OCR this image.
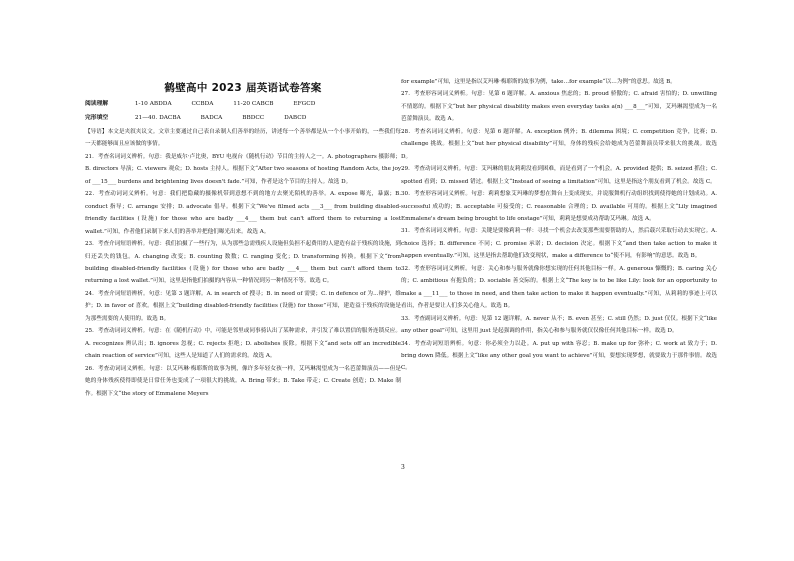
鹤壁高中 2023 届英语试卷答案
阅读理解	1-10 ABDDA	CCBDA	11-20 CABCB	EFGCD
完形填空	21—40. DACBA	BADCA	BBDCC	DABCD

【导语】本文是夹叙夹议文。文章主要通过自己表自录制人们善举的经历，讲述每一个善举都是从一个小事开始的，一些我们每一天都能够面且应该做的事情。

21．考查名词词义辨析。句意：我是威尔·卢比奥，BYU 电视台《随机行动》节目的主持人之一。A. photographers 摄影师；B. directors 导演；C. viewers 观众；D. hosts 主持人。根据下文“After two seasons of hosting Random Acts, the joy of ___15___ burdens and brightening lives doesn't fade.”可知，作者是这个节目的主持人。故选 D。

22．考查动词词义辨析。句意：我们把隐藏的摄像机带到意想不到的地方去聚光陌机的善举。A. expose 曝光，暴露；B. conduct 指导；C. arrange 安排；D. advocate 倡导。根据下文“We've filmed acts ___3___ from building disabled-friendly facilities (设施) for those who are badly ___4___ them but can't afford them to returning a lost wallet.”可知，作者他们录制下来人们的善举并把他们曝光出来。故选 A。

23．考查介词短语辨析。句意：我们拍摄了一些行为，从为那些急需残疾人设施但负担不起费用的人建造有益于残疾的设施，到归还丢失的钱包。A. changing 改变；B. counting 数数；C. ranging 变化；D. transforming 转换。根据下文“from building disabled-friendly facilities (设施) for those who are badly ___4___ them but can't afford them to returning a lost wallet.”可知，这里是指他们拍摄的内容从一种情况到另一种情况不等。故选 C。

24．考查介词短语辨析。句意：见第 3 题详解。A. in search of 搜寻；B. in need of 需要；C. in defence of 为...辩护，维护；D. in favor of 喜欢。根据上文“building disabled-friendly facilities (设施) for those”可知，建造益于残疾的设施是为那些需要的人使用的。故选 B。

25．考查动词词义辨析。句意：在《随机行动》中，可能是邻里或同事骑认出了某种需求，并引发了难以置信的服务连锁反应。A. recognizes 辨认出；B. ignores 忽视；C. rejects 拒绝；D. abolishes 废除。根据下文“and sets off an incredible chain reaction of service”可知，这些人是知道了人们的需求的。故选 A。

26．考查动词词义辨析。句意：以艾玛琳·梅耶斯的故事为例，像许多年轻女孩一样，艾玛琳渴望成为一名芭蕾舞演员——但是她的身体残疾使得即使是日常任务也变成了一项很大的挑战。A. Bring 带来；B. Take 带走；C. Create 创造；D. Make 制作。根据下文“the story of Emmalene Meyers

for example”可知，这里是指以艾玛琳·梅耶斯的故事为例，take…for example“以…为例”的意思。故选 B。

27．考查形容词词义辨析。句意：见第 6 题详解。A. anxious 焦虑的；B. proud 骄傲的；C. afraid 害怕的；D. unwilling 不情愿的。根据下文“but her physical disability makes even everyday tasks a(n) ___8___”可知，艾玛琳渴望成为一名芭蕾舞演员。故选 A。

28．考查名词词义辨析。句意：见第 6 题详解。A. exception 例外；B. dilemma 困境；C. competition 竞争，比赛；D. challenge 挑战。根据上文“but her physical disability”可知，身体的残疾会给她成为芭蕾舞演员带来很大的挑战。故选 D。

29．考查动词词义辨析。句意：艾玛琳的朋友莉莉没看到困难，而是看到了一个机会。A. provided 提供；B. seized 抓住；C. spotted 看到；D. missed 错过。根据上文“Instead of seeing a limitation”可知，这里是指这个朋友看到了机会。故选 C。

30．考查形容词词义辨析。句意：莉莉想象艾玛琳的梦想在舞台上变成现实，并说服舞机行动组织找到使得她的计划成功。A. successful 成功的；B. acceptable 可接受的；C. reasonable 合理的；D. available 可用的。根据上文“Lily imagined Emmalene's dream being brought to life onstage”可知，莉莉是想要成功帮助艾玛琳。故选 A。

31．考查名词词义辨析。句意：关键是要像莉莉一样：寻找一个机会去改变那些需要帮助的人，然后载兴采取行动去实现它。A. choice 选择；B. difference 不同；C. promise 承诺；D. decision 决定。根据下文“and then take action to make it happen eventually.”可知，这里是指去帮助他们改变现状，make a difference to“使不同，有影响”的意思。故选 B。

32．考查形容词词义辨析。句意：关心和参与服务就像你想实现的任何其他目标一样。A. generous 慷慨的；B. caring 关心的；C. ambitious 有抱负的；D. sociable 善交际的。根据上文“The key is to be like Lily: look for an opportunity to make a ___11___ to those in need, and then take action to make it happen eventually.”可知，从莉莉的事迹上可以看出，作者是要让人们多关心他人。故选 B。

33．考查副词词义辨析。句意：见第 12 题详解。A. never 从不；B. even 甚至；C. still 仍然；D. just 仅仅。根据下文“like any other goal”可知，这里用 just 是起强调的作用，指关心和参与服务就仅仅像任何其他目标一样。故选 D。

34．考查动词短语辨析。句意：你必须全力以赴。A. put up with 容忍；B. make up for 弥补；C. work at 致力于；D. bring down 降低。根据上文“like any other goal you want to achieve”可知，要想实现梦想，就要致力于那件事情。故选 C。

3
